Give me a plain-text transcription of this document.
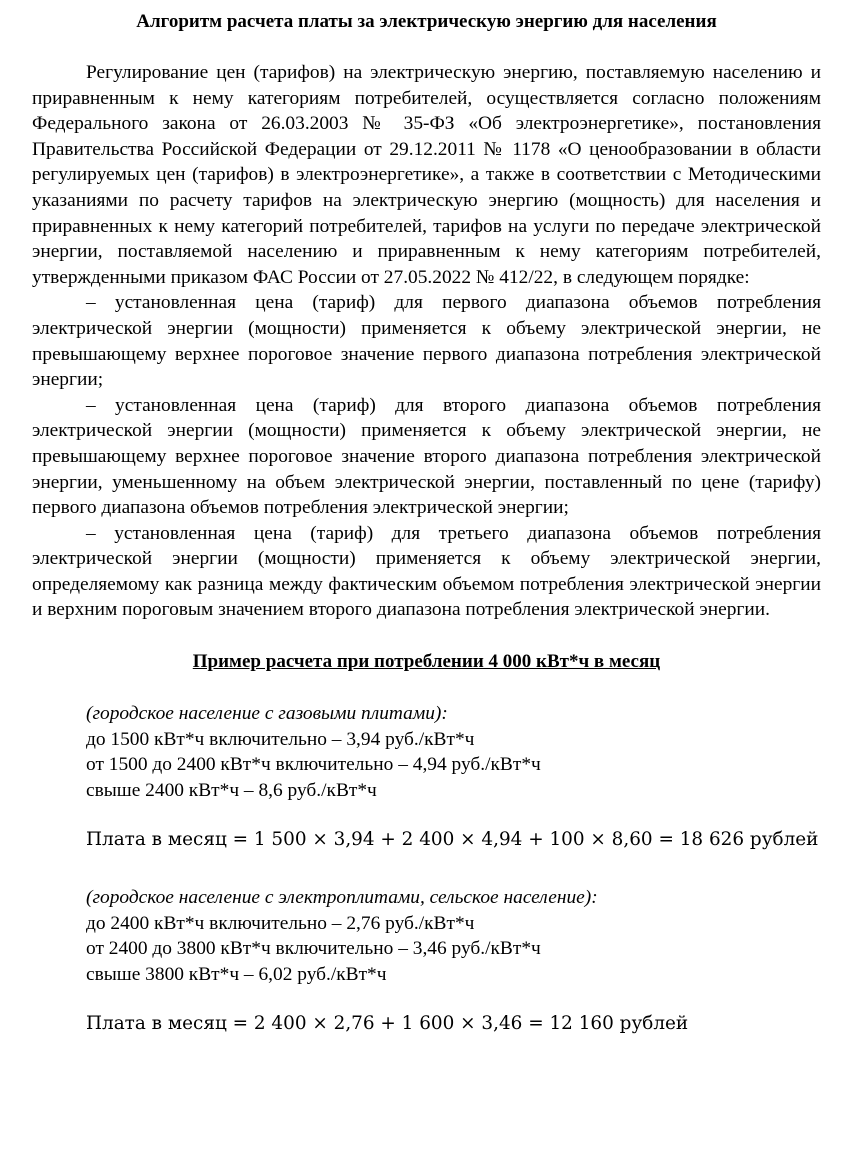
Алгоритм расчета платы за электрическую энергию для населения

Регулирование цен (тарифов) на электрическую энергию, поставляемую населению и приравненным к нему категориям потребителей, осуществляется согласно положениям Федерального закона от 26.03.2003 № 35-ФЗ «Об электроэнергетике», постановления Правительства Российской Федерации от 29.12.2011 № 1178 «О ценообразовании в области регулируемых цен (тарифов) в электроэнергетике», а также в соответствии с Методическими указаниями по расчету тарифов на электрическую энергию (мощность) для населения и приравненных к нему категорий потребителей, тарифов на услуги по передаче электрической энергии, поставляемой населению и приравненным к нему категориям потребителей, утвержденными приказом ФАС России от 27.05.2022 № 412/22, в следующем порядке:

– установленная цена (тариф) для первого диапазона объемов потребления электрической энергии (мощности) применяется к объему электрической энергии, не превышающему верхнее пороговое значение первого диапазона потребления электрической энергии;

– установленная цена (тариф) для второго диапазона объемов потребления электрической энергии (мощности) применяется к объему электрической энергии, не превышающему верхнее пороговое значение второго диапазона потребления электрической энергии, уменьшенному на объем электрической энергии, поставленный по цене (тарифу) первого диапазона объемов потребления электрической энергии;

– установленная цена (тариф) для третьего диапазона объемов потребления электрической энергии (мощности) применяется к объему электрической энергии, определяемому как разница между фактическим объемом потребления электрической энергии и верхним пороговым значением второго диапазона потребления электрической энергии.

Пример расчета при потреблении 4 000 кВт*ч в месяц
(городское население с газовыми плитами):
до 1500 кВт*ч включительно – 3,94 руб./кВт*ч
от 1500 до 2400 кВт*ч включительно – 4,94 руб./кВт*ч
свыше 2400 кВт*ч – 8,6 руб./кВт*ч
Плата в месяц = 1 500 × 3,94 + 2 400 × 4,94 + 100 × 8,60 = 18 626 рублей
(городское население с электроплитами, сельское население):
до 2400 кВт*ч включительно – 2,76 руб./кВт*ч
от 2400 до 3800 кВт*ч включительно – 3,46 руб./кВт*ч
свыше 3800 кВт*ч – 6,02 руб./кВт*ч
Плата в месяц = 2 400 × 2,76 + 1 600 × 3,46 = 12 160 рублей
